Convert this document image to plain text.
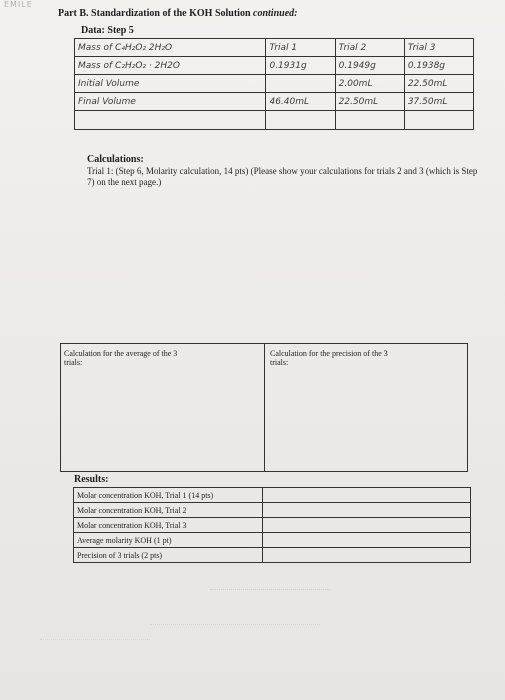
EMILE
Part B. Standardization of the KOH Solution continued:
Data: Step 5
Mass of C₄H₂O₂ 2H₂O	Trial 1	Trial 2	Trial 3
Mass of C₂H₂O₂ · 2H2O	0.1931g	0.1949g	0.1938g
Initial Volume		2.00mL	22.50mL
Final Volume	46.40mL	22.50mL	37.50mL

Calculations:
Trial 1: (Step 6, Molarity calculation, 14 pts) (Please show your calculations for trials 2 and 3 (which is Step 7) on the next page.)
Calculation for the average of the 3 trials:
Calculation for the precision of the 3 trials:
Results:
Molar concentration KOH, Trial 1 (14 pts)	
Molar concentration KOH, Trial 2	
Molar concentration KOH, Trial 3	
Average molarity KOH (1 pt)	
Precision of 3 trials (2 pts)	
